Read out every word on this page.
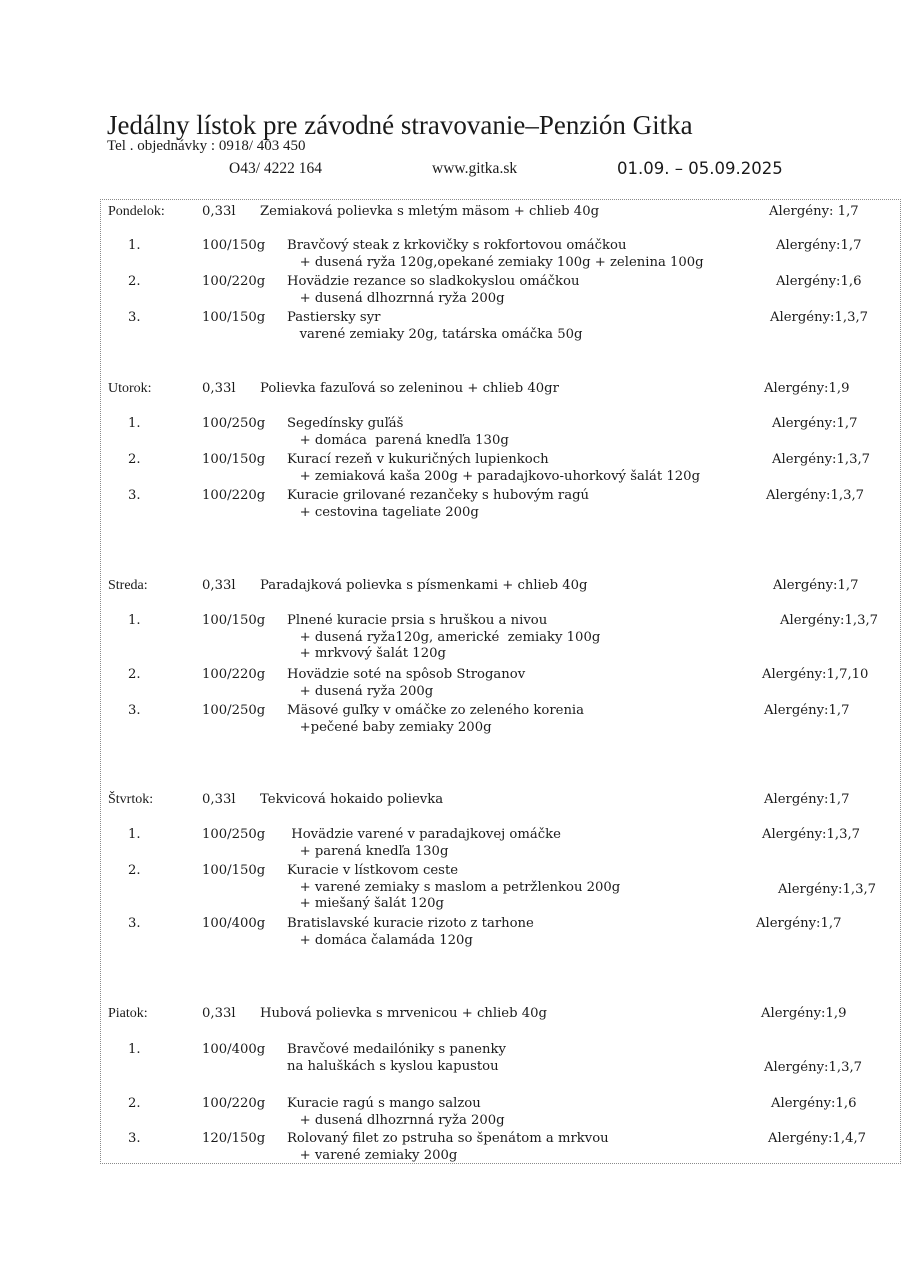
Jedálny lístok pre závodné stravovanie–Penzión Gitka
Tel . objednávky : 0918/ 403 450
O43/ 4222 164	www.gitka.sk	01.09. – 05.09.2025
Pondelok:	0,33l Zemiaková polievka s mletým mäsom + chlieb 40g	Alergény: 1,7
1.	100/150g Bravčový steak z krkovičky s rokfortovou omáčkou
+ dusená ryža 120g,opekané zemiaky 100g + zelenina 100g
Alergény:1,7
2.	100/220g Hovädzie rezance so sladkokyslou omáčkou
+ dusená dlhozrnná ryža 200g
Alergény:1,6
3.	100/150g Pastiersky syr
varené zemiaky 20g, tatárska omáčka 50g
Alergény:1,3,7
Utorok:	0,33l Polievka fazuľová so zeleninou + chlieb 40gr	Alergény:1,9
1.	100/250g Segedínsky guľáš
+ domáca  parená knedľa 130g
Alergény:1,7
2.	100/150g Kurací rezeň v kukuričných lupienkoch
+ zemiaková kaša 200g + paradajkovo-uhorkový šalát 120g
Alergény:1,3,7
3.	100/220g Kuracie grilované rezančeky s hubovým ragú
+ cestovina tageliate 200g
Alergény:1,3,7
Streda:	0,33l Paradajková polievka s písmenkami + chlieb 40g	Alergény:1,7
1.	100/150g Plnené kuracie prsia s hruškou a nivou
+ dusená ryža120g, americké  zemiaky 100g
+ mrkvový šalát 120g
Alergény:1,3,7
2.	100/220g Hovädzie soté na spôsob Stroganov
+ dusená ryža 200g
Alergény:1,7,10
3.	100/250g Mäsové guľky v omáčke zo zeleného korenia
+pečené baby zemiaky 200g
Alergény:1,7
Štvrtok:	0,33l Tekvicová hokaido polievka	Alergény:1,7
1.	100/250g Hovädzie varené v paradajkovej omáčke
+ parená knedľa 130g
Alergény:1,3,7
2.	100/150g Kuracie v lístkovom ceste
+ varené zemiaky s maslom a petržlenkou 200g
+ miešaný šalát 120g
Alergény:1,3,7
3.	100/400g Bratislavské kuracie rizoto z tarhone
+ domáca čalamáda 120g
Alergény:1,7
Piatok:	0,33l Hubová polievka s mrvenicou + chlieb 40g	Alergény:1,9
1.	100/400g Bravčové medailóniky s panenky
na haluškách s kyslou kapustou	Alergény:1,3,7
2.	100/220g Kuracie ragú s mango salzou
+ dusená dlhozrnná ryža 200g
Alergény:1,6
3.	120/150g Rolovaný filet zo pstruha so špenátom a mrkvou
+ varené zemiaky 200g
Alergény:1,4,7
